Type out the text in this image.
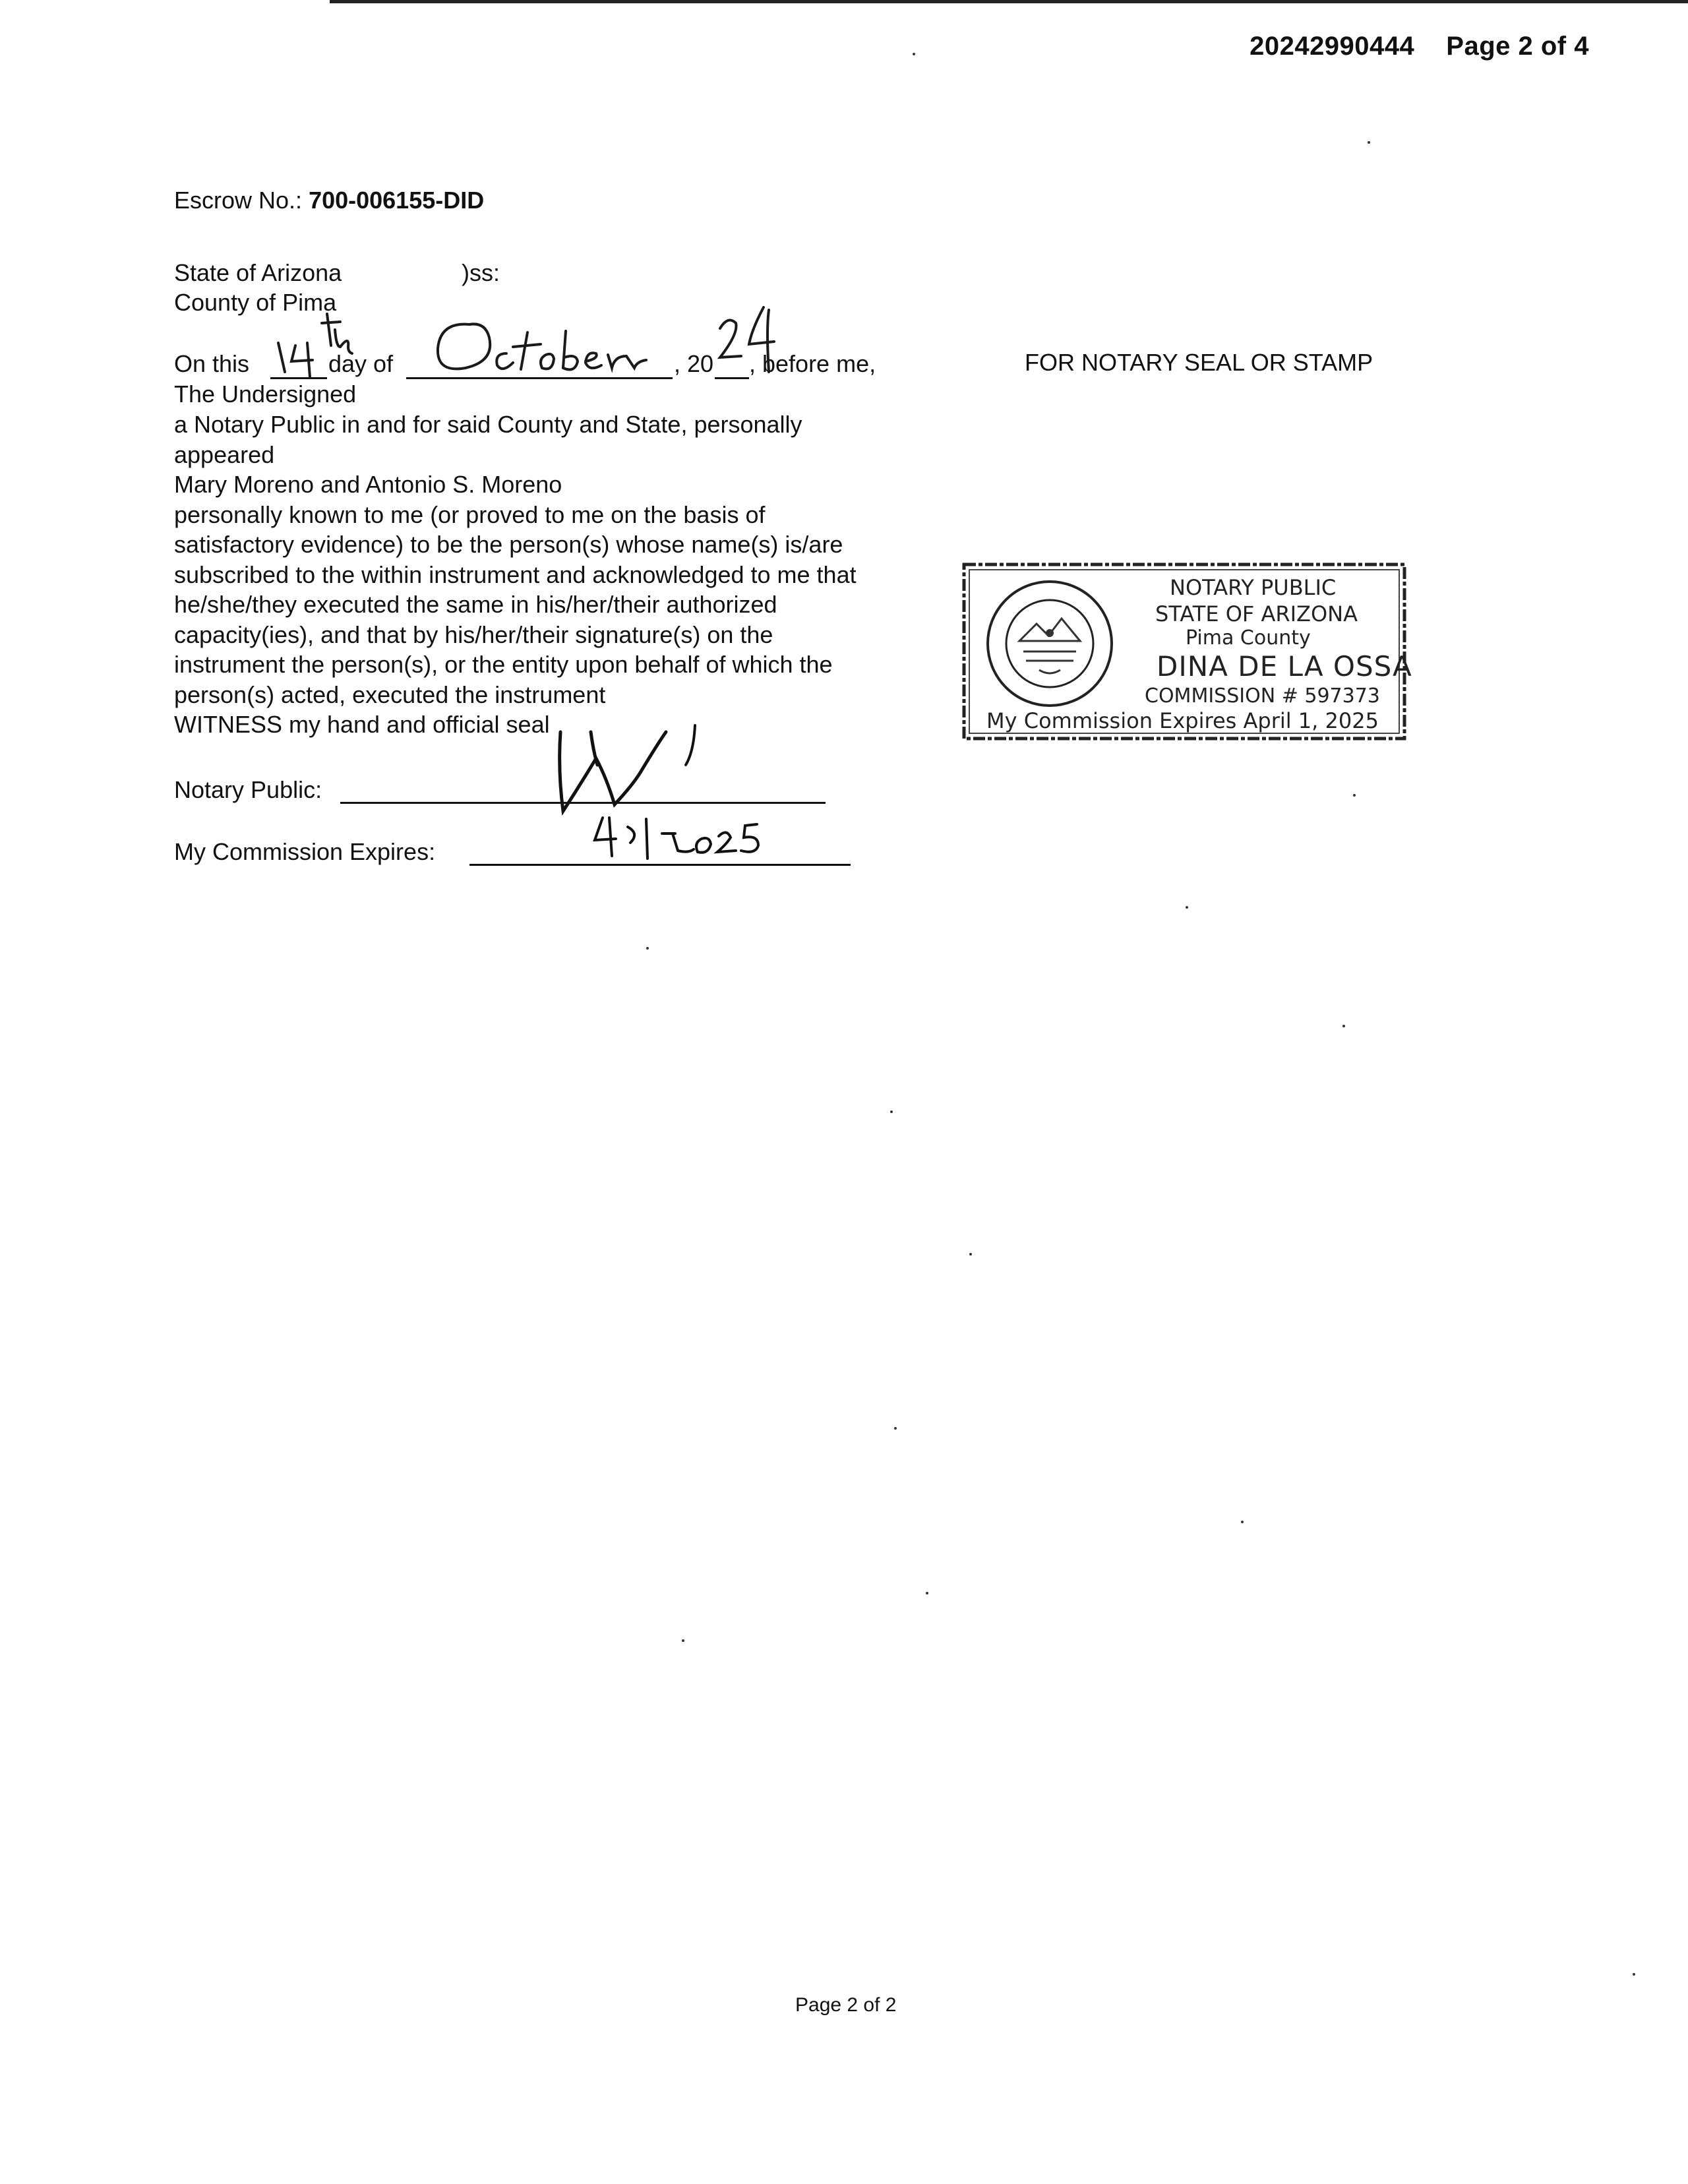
20242990444 Page 2 of 4
Escrow No.: 700-006155-DID
State of Arizona	)ss:
County of Pima
On this	day of	, 20 , before me,
The Undersigned
a Notary Public in and for said County and State, personally
appeared
Mary Moreno and Antonio S. Moreno
personally known to me (or proved to me on the basis of
satisfactory evidence) to be the person(s) whose name(s) is/are
subscribed to the within instrument and acknowledged to me that
he/she/they executed the same in his/her/their authorized
capacity(ies), and that by his/her/their signature(s) on the
instrument the person(s), or the entity upon behalf of which the
person(s) acted, executed the instrument
WITNESS my hand and official seal
Notary Public:
My Commission Expires:
FOR NOTARY SEAL OR STAMP
NOTARY PUBLIC
STATE OF ARIZONA
Pima County
DINA DE LA OSSA
COMMISSION # 597373
My Commission Expires April 1, 2025
Page 2 of 2
